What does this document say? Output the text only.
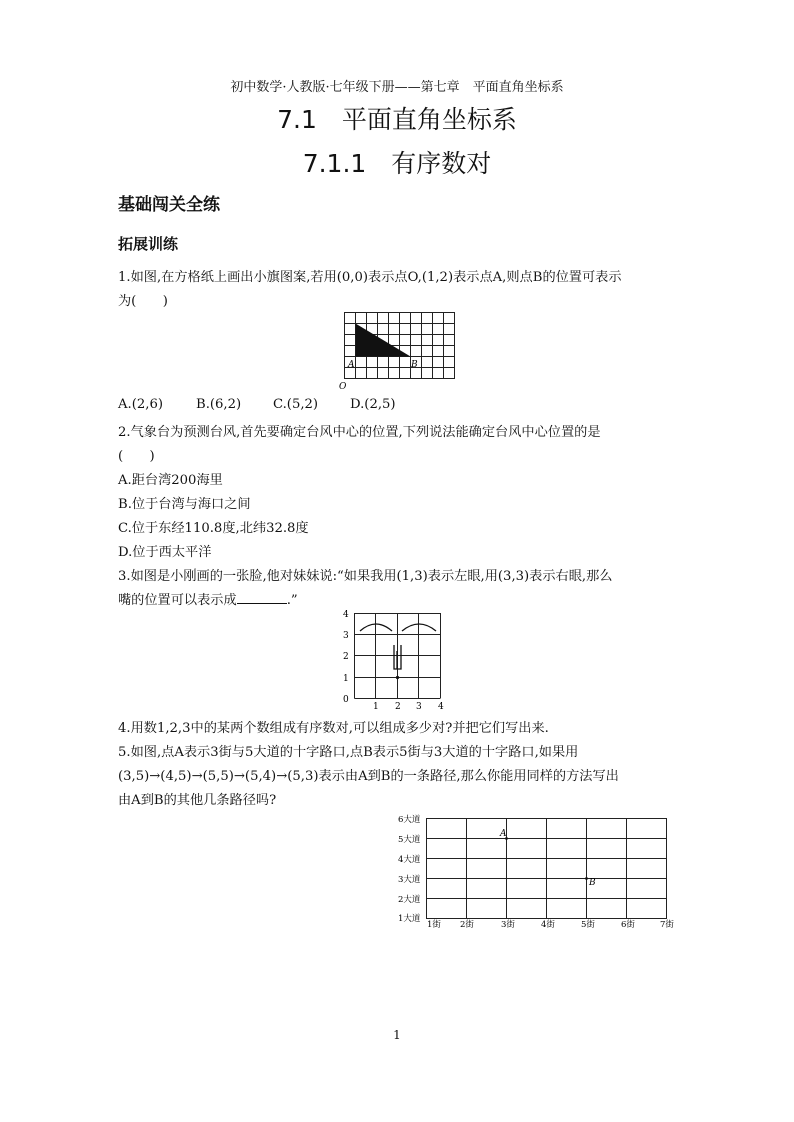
初中数学·人教版·七年级下册——第七章　平面直角坐标系
7.1　平面直角坐标系
7.1.1　有序数对
基础闯关全练
拓展训练
1.如图,在方格纸上画出小旗图案,若用(0,0)表示点O,(1,2)表示点A,则点B的位置可表示
为(　　)
A	B
O
A.(2,6)	B.(6,2) C.(5,2) D.(2,5)
2.气象台为预测台风,首先要确定台风中心的位置,下列说法能确定台风中心位置的是
(　　)
A.距台湾200海里
B.位于台湾与海口之间
C.位于东经110.8度,北纬32.8度
D.位于西太平洋
3.如图是小刚画的一张脸,他对妹妹说:“如果我用(1,3)表示左眼,用(3,3)表示右眼,那么
嘴的位置可以表示成	.”
0
1
2
3
4
1 2 3 4
4.用数1,2,3中的某两个数组成有序数对,可以组成多少对?并把它们写出来.
5.如图,点A表示3街与5大道的十字路口,点B表示5街与3大道的十字路口,如果用
(3,5)→(4,5)→(5,5)→(5,4)→(5,3)表示由A到B的一条路径,那么你能用同样的方法写出
由A到B的其他几条路径吗?
A
B
6大道
5大道
4大道
3大道
2大道
1大道
1街 2街	3街	4街	5街	6街	7街
1
